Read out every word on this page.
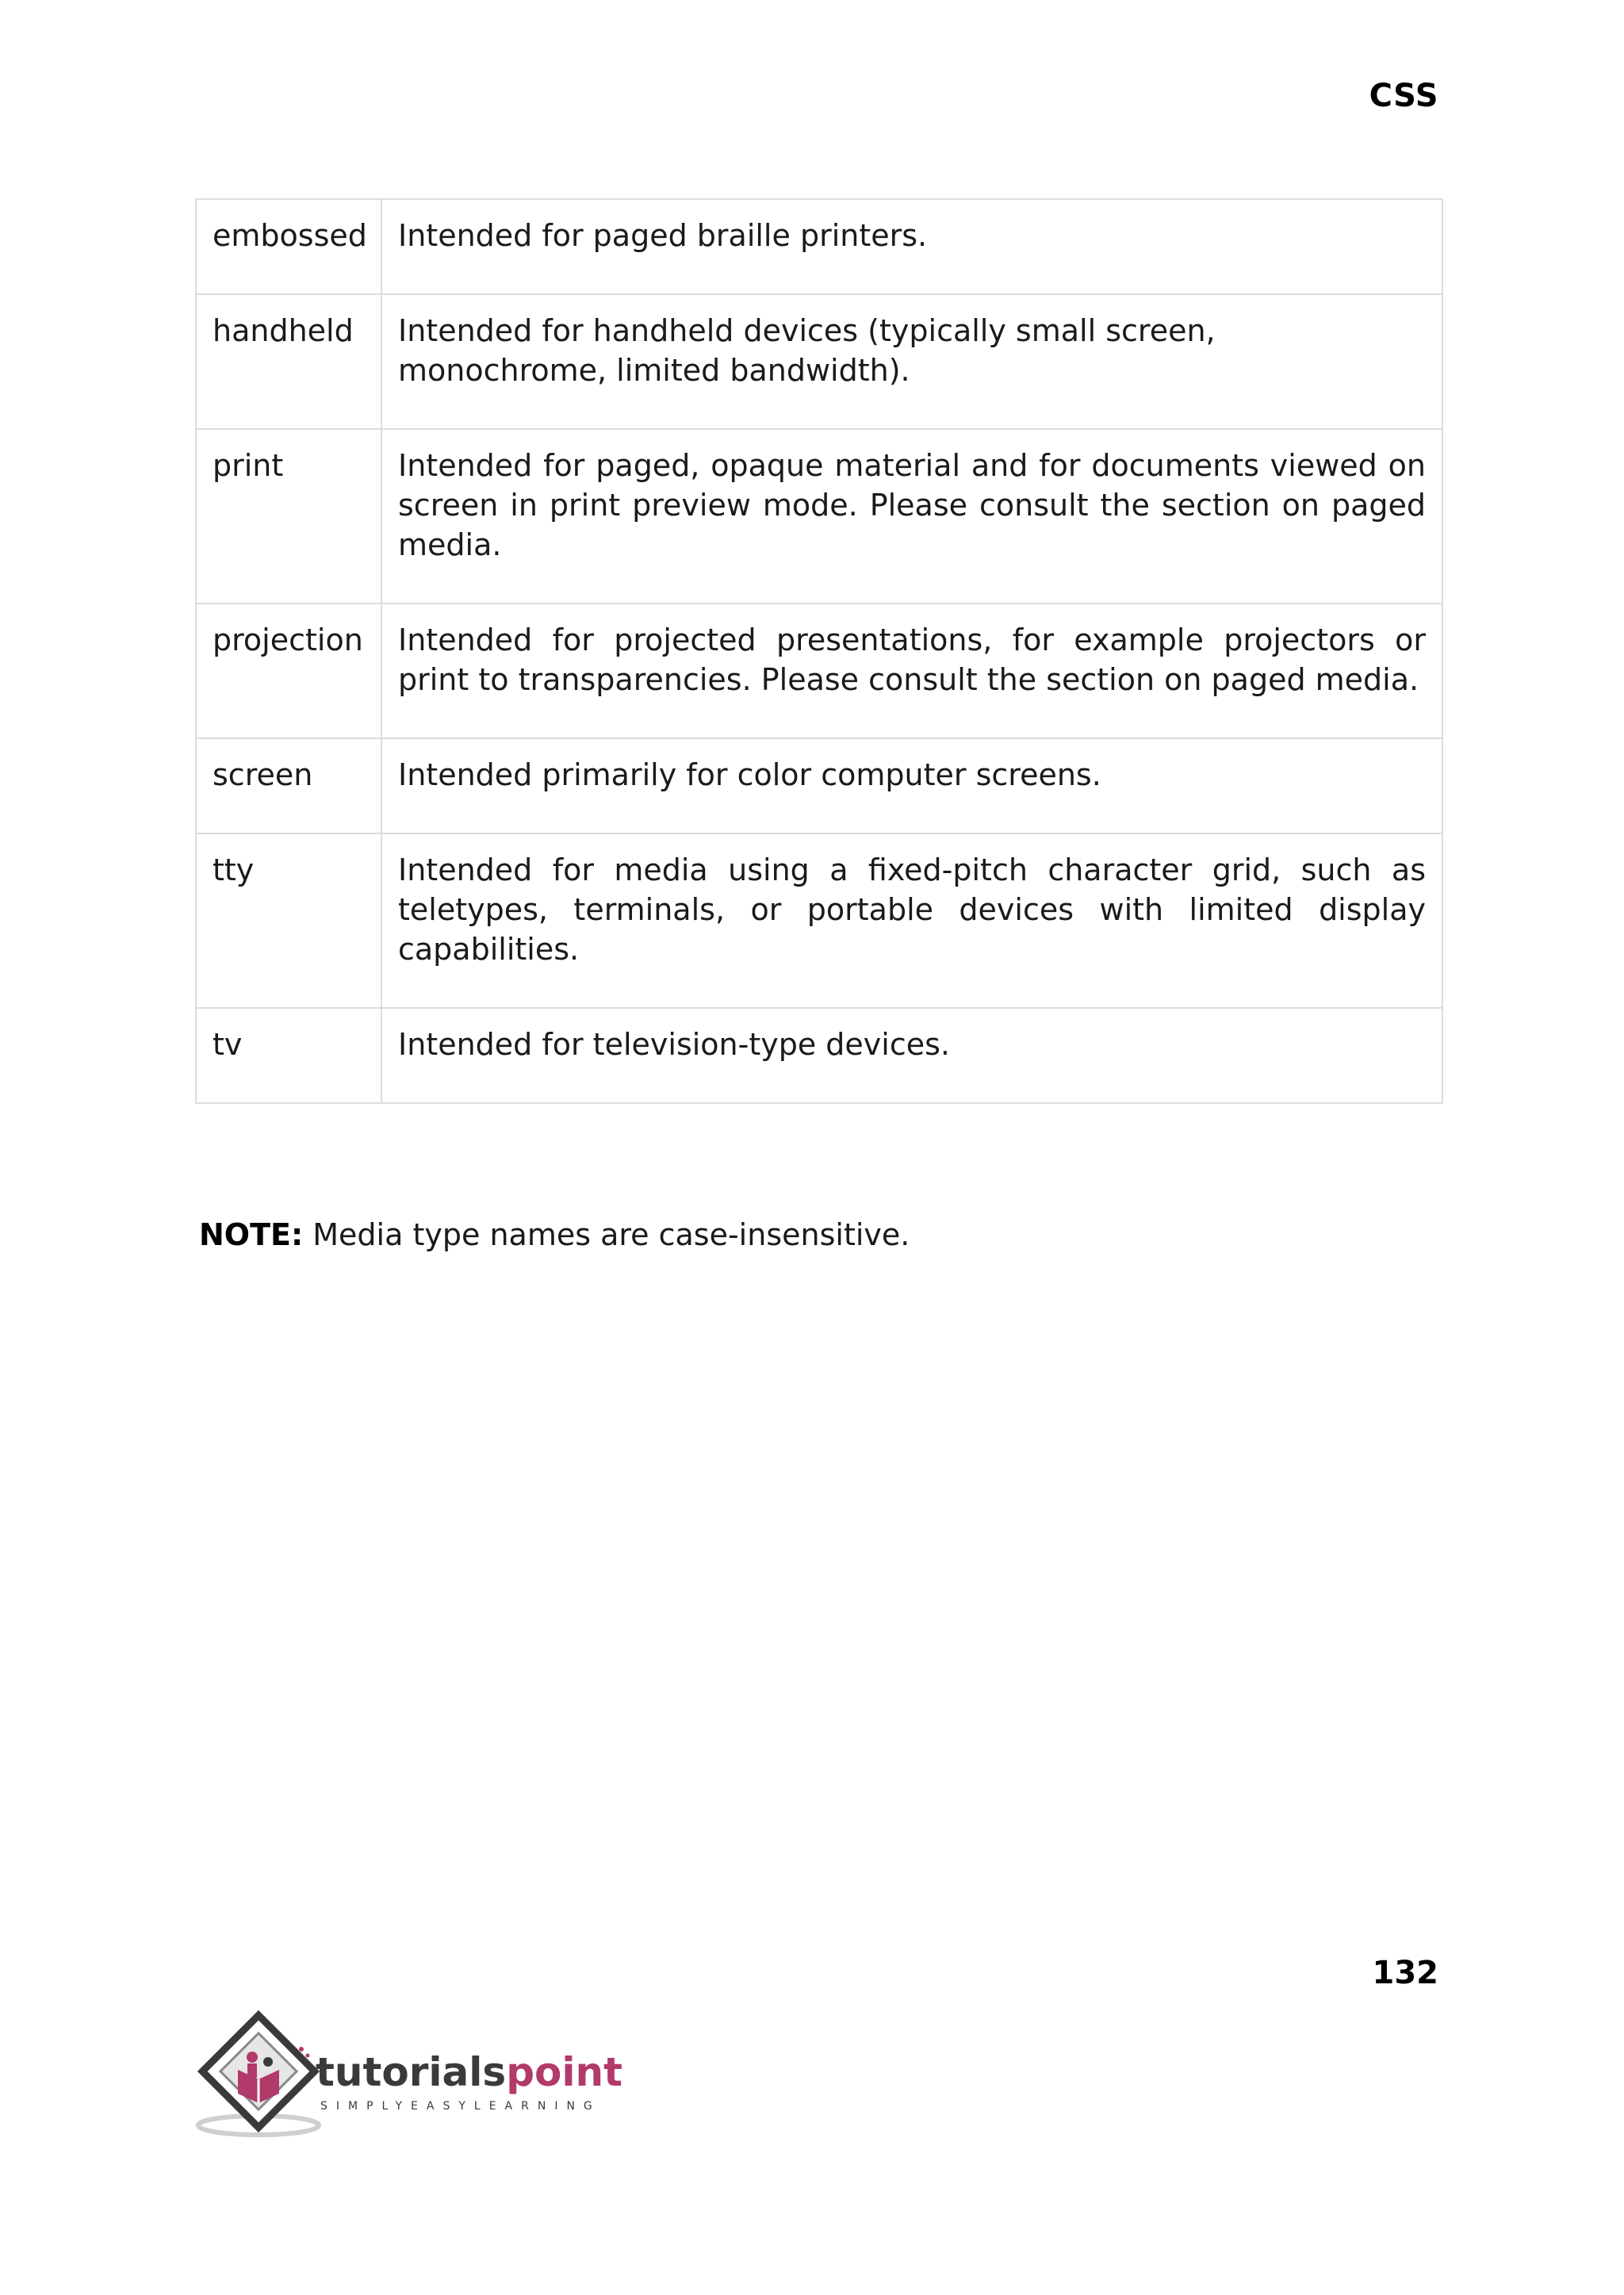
CSS
embossed	Intended for paged braille printers.
handheld	Intended for handheld devices (typically small screen, monochrome, limited bandwidth).
print	Intended for paged, opaque material and for documents viewed on screen in print preview mode. Please consult the section on paged media.
projection	Intended for projected presentations, for example projectors or print to transparencies. Please consult the section on paged media.
screen	Intended primarily for color computer screens.
tty	Intended for media using a fixed-pitch character grid, such as teletypes, terminals, or portable devices with limited display capabilities.
tv	Intended for television-type devices.
NOTE: Media type names are case-insensitive.
132
tutorials point
SIMPLYEASYLEARNING
